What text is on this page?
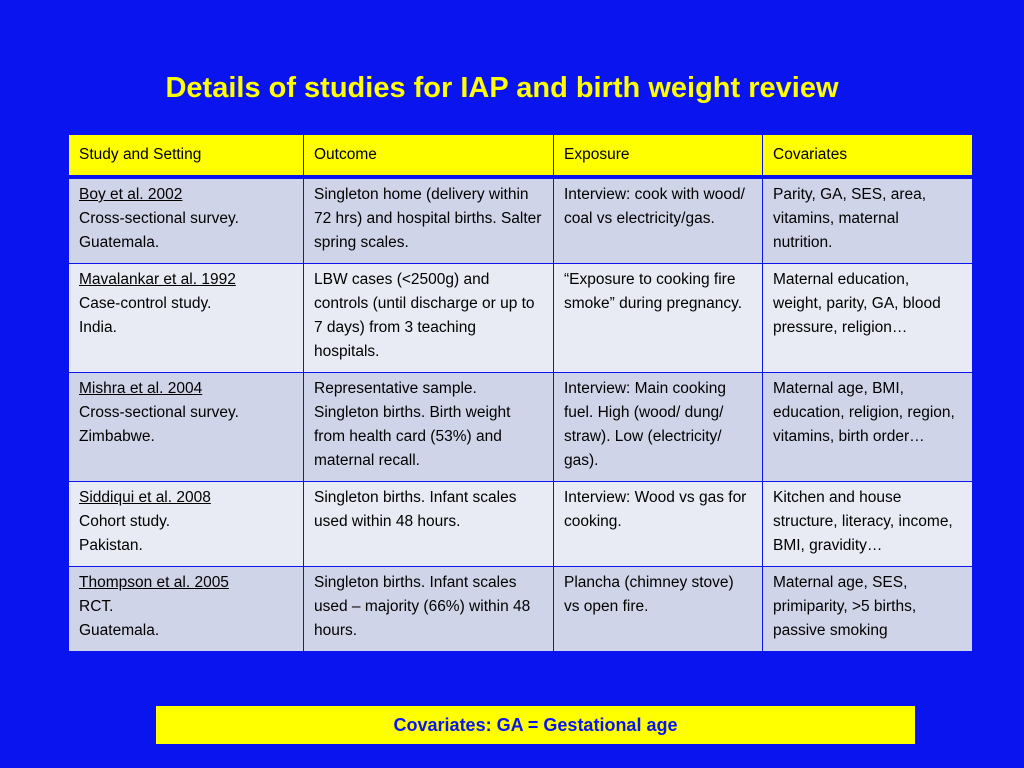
Details of studies for IAP and birth weight review
Study and Setting	Outcome	Exposure	Covariates

Boy et al. 2002
Cross-sectional survey.
Guatemala.	Singleton home (delivery within 72 hrs) and hospital births. Salter spring scales.	Interview: cook with wood/ coal vs electricity/gas.	Parity, GA, SES, area, vitamins, maternal nutrition.

Mavalankar et al. 1992
Case-control study.
India.	LBW cases (<2500g) and controls (until discharge or up to 7 days) from 3 teaching hospitals.	“Exposure to cooking fire smoke” during pregnancy.	Maternal education, weight, parity, GA, blood pressure, religion…

Mishra et al. 2004
Cross-sectional survey.
Zimbabwe.	Representative sample. Singleton births. Birth weight from health card (53%) and maternal recall.	Interview: Main cooking fuel. High (wood/ dung/ straw). Low (electricity/ gas).	Maternal age, BMI, education, religion, region, vitamins, birth order…

Siddiqui et al. 2008
Cohort study.
Pakistan.	Singleton births. Infant scales used within 48 hours.	Interview: Wood vs gas for cooking.	Kitchen and house structure, literacy, income, BMI, gravidity…

Thompson et al. 2005
RCT.
Guatemala.	Singleton births. Infant scales used – majority (66%) within 48 hours.	Plancha (chimney stove) vs open fire.	Maternal age, SES, primiparity, >5 births, passive smoking
Covariates: GA = Gestational age
